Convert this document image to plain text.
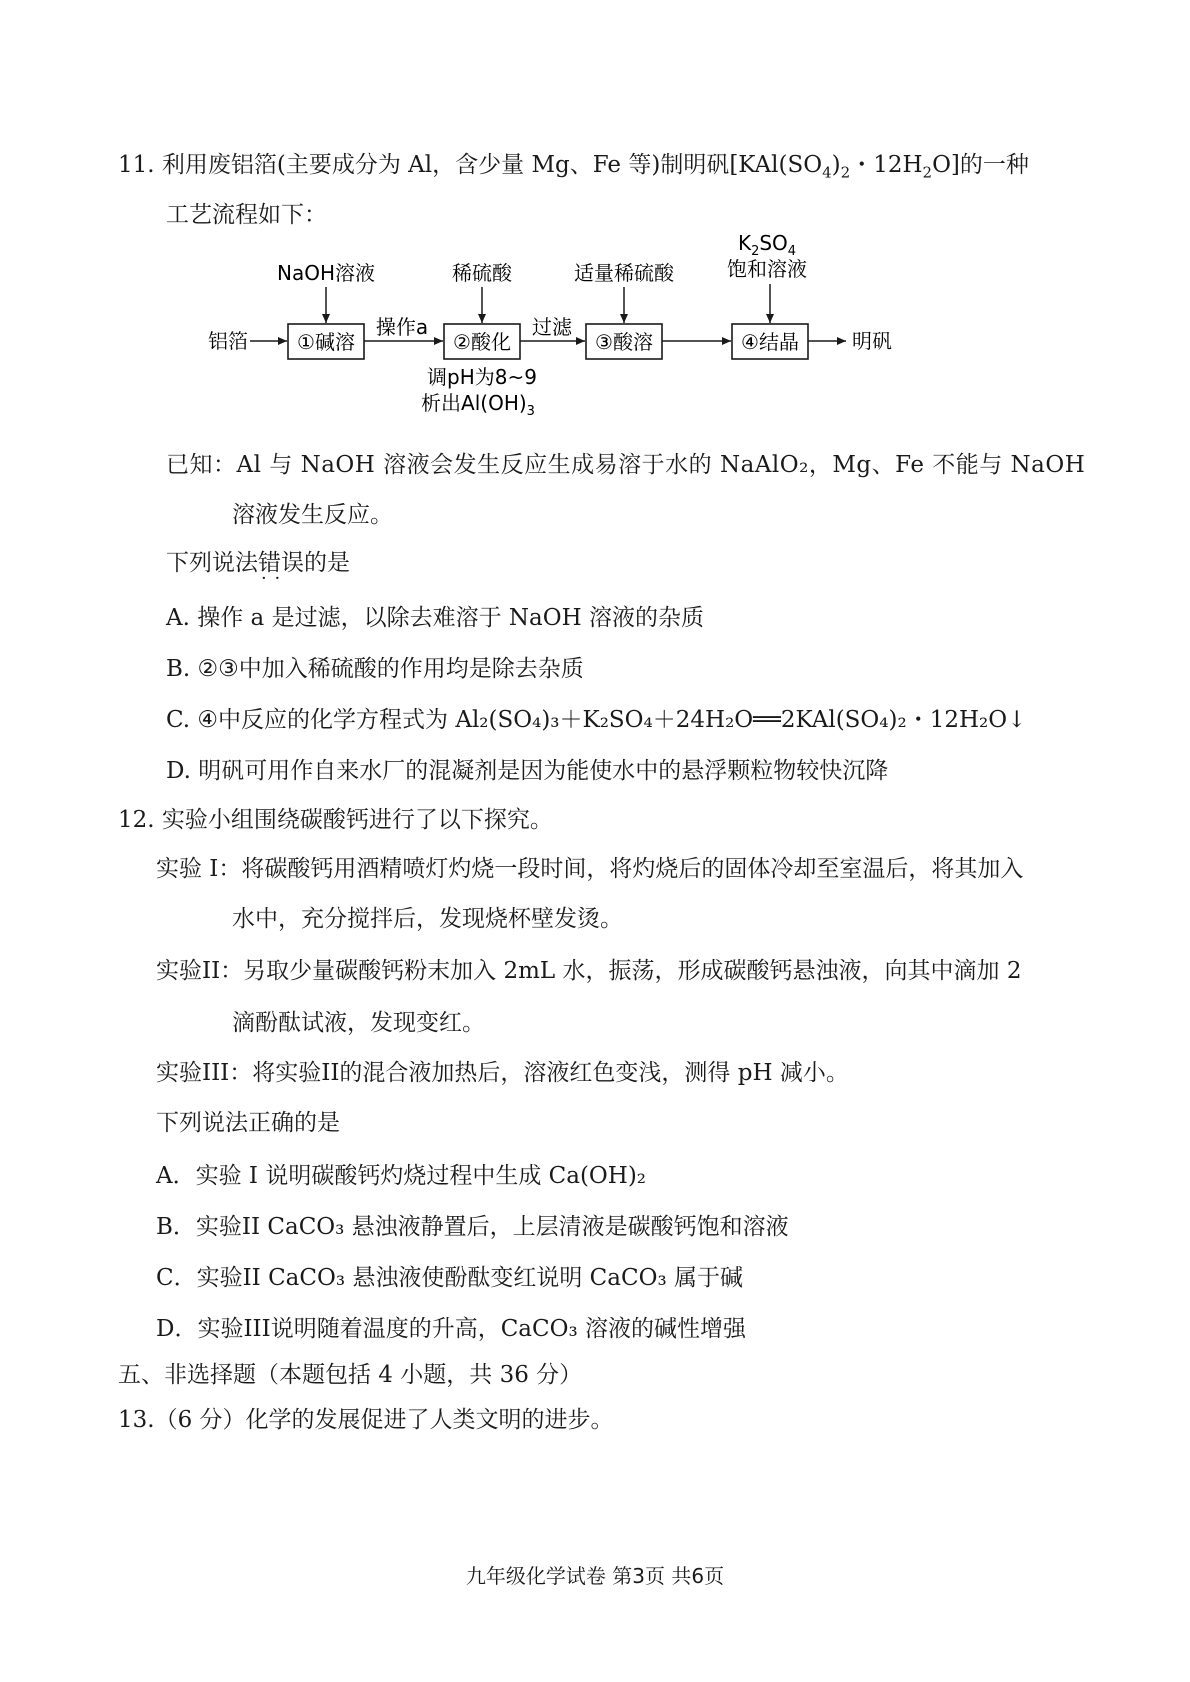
11. 利用废铝箔(主要成分为 Al，含少量 Mg、Fe 等)制明矾[$KAl(SO_4)_2$・$12H_2O$]的一种
工艺流程如下：
铝箔	明矾
①碱溶	②酸化	③酸溶	④结晶
NaOH溶液	稀硫酸	适量稀硫酸
$K_2SO_4$
饱和溶液
操作a	过滤
调pH为8~9
析出$Al(OH)_3$
已知：Al 与 NaOH 溶液会发生反应生成易溶于水的 NaAlO₂，Mg、Fe 不能与 NaOH
溶液发生反应。
下列说法错误 · ·的是
A. 操作 a 是过滤，以除去难溶于 NaOH 溶液的杂质
B. ②③中加入稀硫酸的作用均是除去杂质
C. ④中反应的化学方程式为 Al₂(SO₄)₃＋K₂SO₄＋24H₂O══2KAl(SO₄)₂・12H₂O↓
D. 明矾可用作自来水厂的混凝剂是因为能使水中的悬浮颗粒物较快沉降
12. 实验小组围绕碳酸钙进行了以下探究。
实验 I：将碳酸钙用酒精喷灯灼烧一段时间，将灼烧后的固体冷却至室温后，将其加入
水中，充分搅拌后，发现烧杯壁发烫。
实验II：另取少量碳酸钙粉末加入 2mL 水，振荡，形成碳酸钙悬浊液，向其中滴加 2
滴酚酞试液，发现变红。
实验III：将实验II的混合液加热后，溶液红色变浅，测得 pH 减小。
下列说法正确的是
A．实验 I 说明碳酸钙灼烧过程中生成 Ca(OH)₂
B．实验II CaCO₃ 悬浊液静置后，上层清液是碳酸钙饱和溶液
C．实验II CaCO₃ 悬浊液使酚酞变红说明 CaCO₃ 属于碱
D．实验III说明随着温度的升高，CaCO₃ 溶液的碱性增强
五、非选择题（本题包括 4 小题，共 36 分）
13.（6 分）化学的发展促进了人类文明的进步。
九年级化学试卷 第3页 共6页
